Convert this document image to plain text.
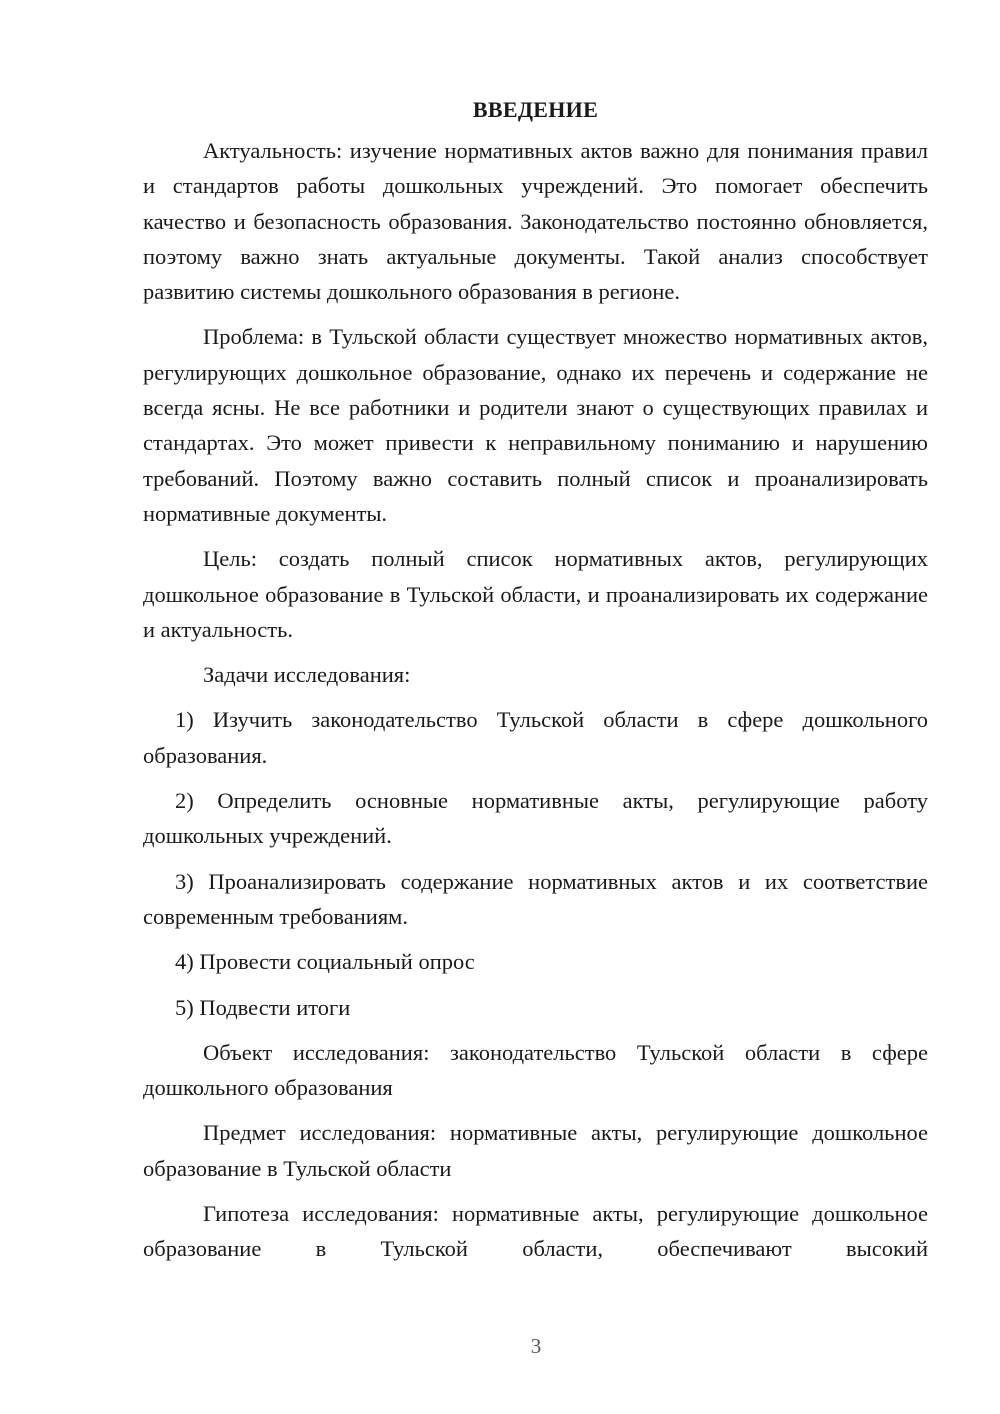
ВВЕДЕНИЕ

Актуальность: изучение нормативных актов важно для понимания правил и стандартов работы дошкольных учреждений. Это помогает обеспечить качество и безопасность образования. Законодательство постоянно обновляется, поэтому важно знать актуальные документы. Такой анализ способствует развитию системы дошкольного образования в регионе.

Проблема: в Тульской области существует множество нормативных актов, регулирующих дошкольное образование, однако их перечень и содержание не всегда ясны. Не все работники и родители знают о существующих правилах и стандартах. Это может привести к неправильному пониманию и нарушению требований. Поэтому важно составить полный список и проанализировать нормативные документы.

Цель: создать полный список нормативных актов, регулирующих дошкольное образование в Тульской области, и проанализировать их содержание и актуальность.

Задачи исследования:

1) Изучить законодательство Тульской области в сфере дошкольного образования.

2) Определить основные нормативные акты, регулирующие работу дошкольных учреждений.

3) Проанализировать содержание нормативных актов и их соответствие современным требованиям.

4) Провести социальный опрос

5) Подвести итоги

Объект исследования: законодательство Тульской области в сфере дошкольного образования

Предмет исследования: нормативные акты, регулирующие дошкольное образование в Тульской области

Гипотеза исследования: нормативные акты, регулирующие дошкольное образование в Тульской области, обеспечивают высокий

3
